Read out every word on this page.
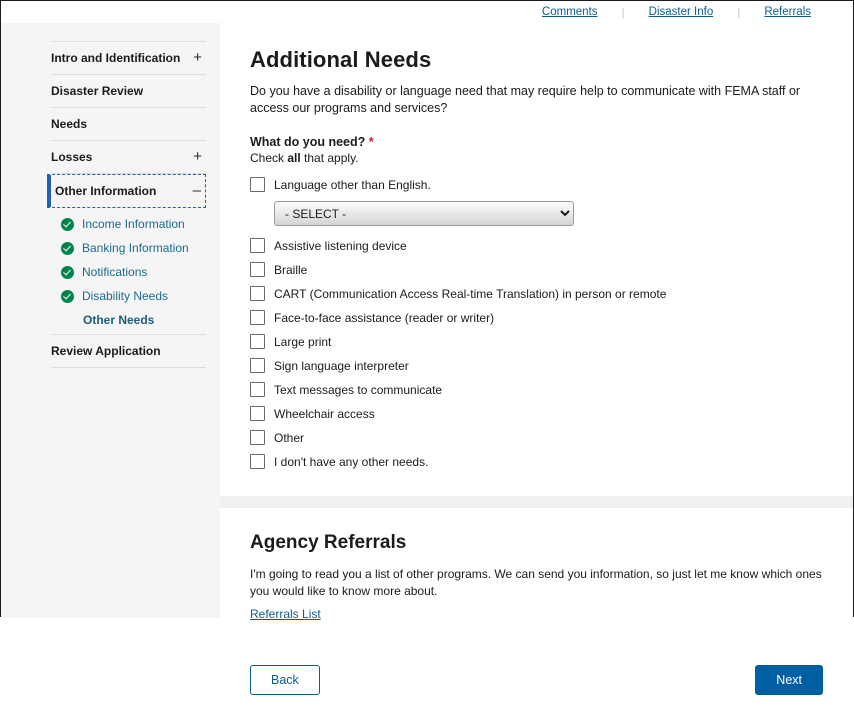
Comments | Disaster Info | Referrals
Intro and Identification +
Disaster Review
Needs
Losses	+
Other Information –
Income Information
Banking Information
Notifications
Disability Needs
Other Needs
Review Application
Additional Needs

Do you have a disability or language need that may require help to communicate with FEMA staff or access our programs and services?

What do you need? *

Check all that apply.

Language other than English.
- SELECT -
Assistive listening device
Braille
CART (Communication Access Real-time Translation) in person or remote
Face-to-face assistance (reader or writer)
Large print
Sign language interpreter
Text messages to communicate
Wheelchair access
Other
I don't have any other needs.
Agency Referrals

I'm going to read you a list of other programs. We can send you information, so just let me know which ones you would like to know more about.

Referrals List
Back	Next
